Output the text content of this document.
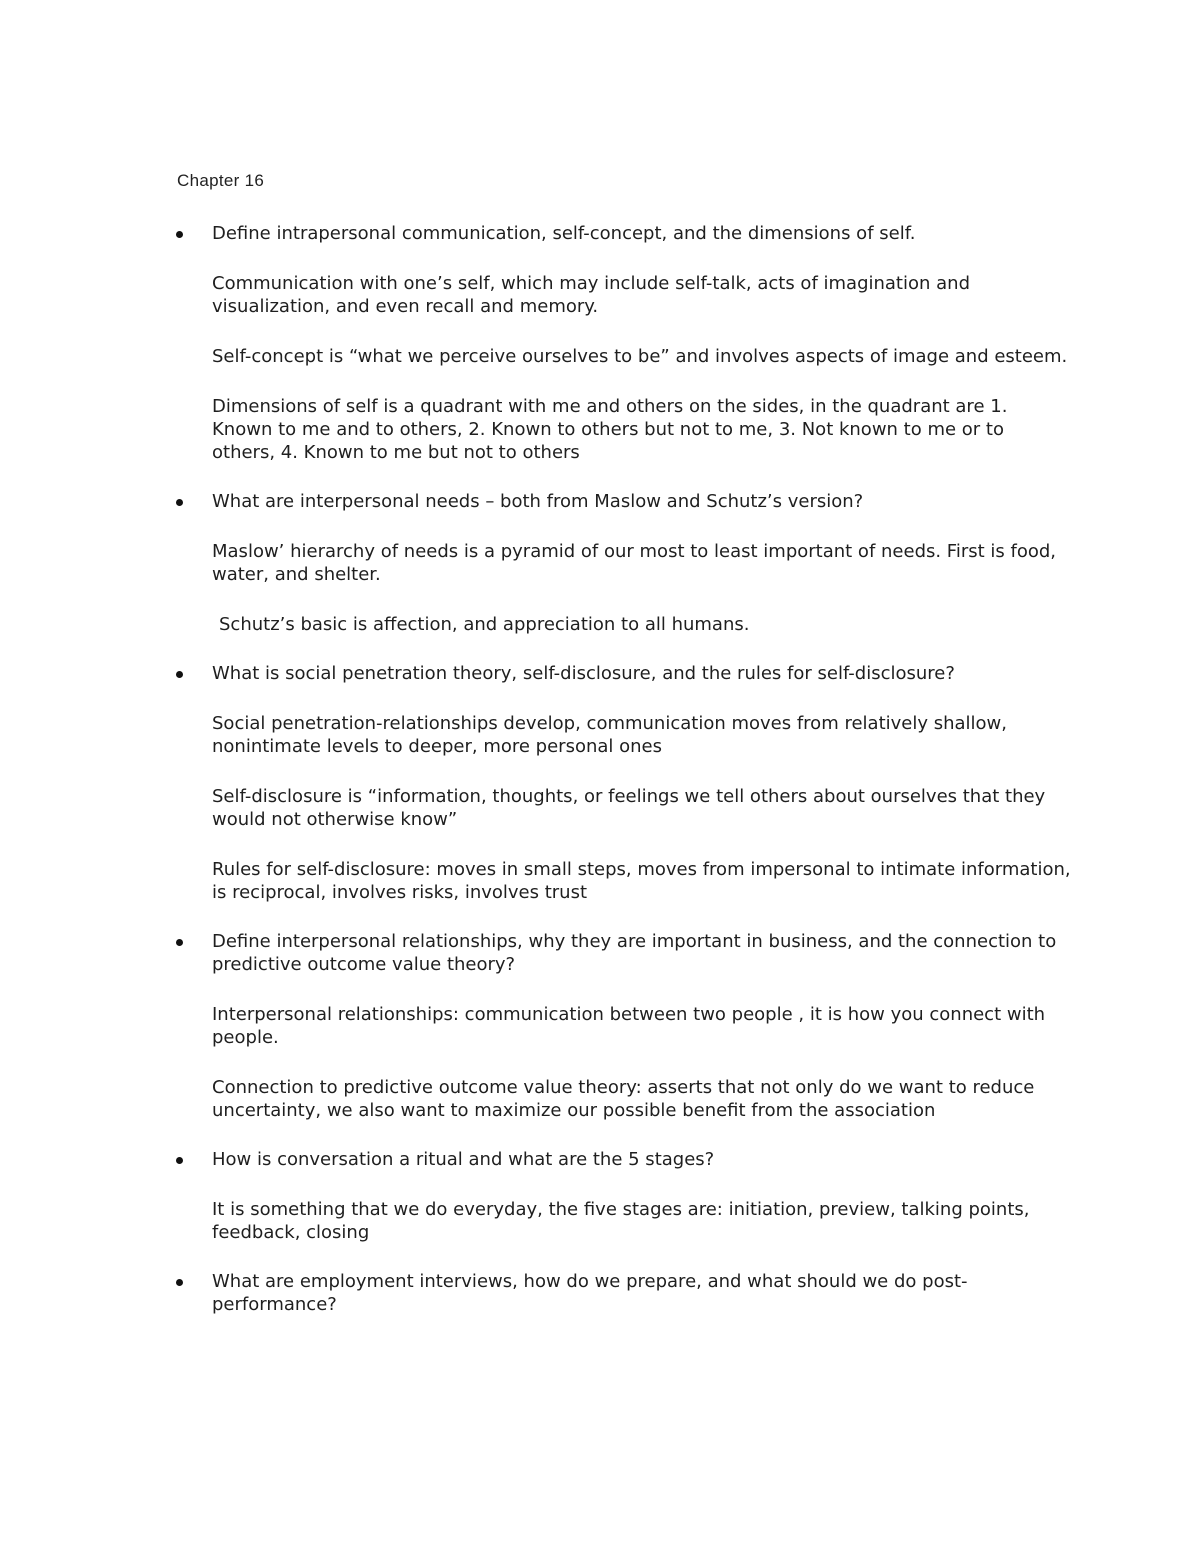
Chapter 16
Define intrapersonal communication, self-concept, and the dimensions of self.
Communication with one’s self, which may include self-talk, acts of imagination and visualization, and even recall and memory.
Self-concept is “what we perceive ourselves to be” and involves aspects of image and esteem.
Dimensions of self is a quadrant with me and others on the sides, in the quadrant are 1. Known to me and to others, 2. Known to others but not to me, 3. Not known to me or to others, 4. Known to me but not to others
What are interpersonal needs – both from Maslow and Schutz’s version?
Maslow’ hierarchy of needs is a pyramid of our most to least important of needs. First is food, water, and shelter.
Schutz’s basic is affection, and appreciation to all humans.
What is social penetration theory, self-disclosure, and the rules for self-disclosure?
Social penetration-relationships develop, communication moves from relatively shallow, nonintimate levels to deeper, more personal ones
Self-disclosure is “information, thoughts, or feelings we tell others about ourselves that they would not otherwise know”
Rules for self-disclosure: moves in small steps, moves from impersonal to intimate information, is reciprocal, involves risks, involves trust
Define interpersonal relationships, why they are important in business, and the connection to predictive outcome value theory?
Interpersonal relationships: communication between two people , it is how you connect with people.
Connection to predictive outcome value theory: asserts that not only do we want to reduce uncertainty, we also want to maximize our possible benefit from the association
How is conversation a ritual and what are the 5 stages?
It is something that we do everyday, the five stages are: initiation, preview, talking points, feedback, closing
What are employment interviews, how do we prepare, and what should we do post-performance?
